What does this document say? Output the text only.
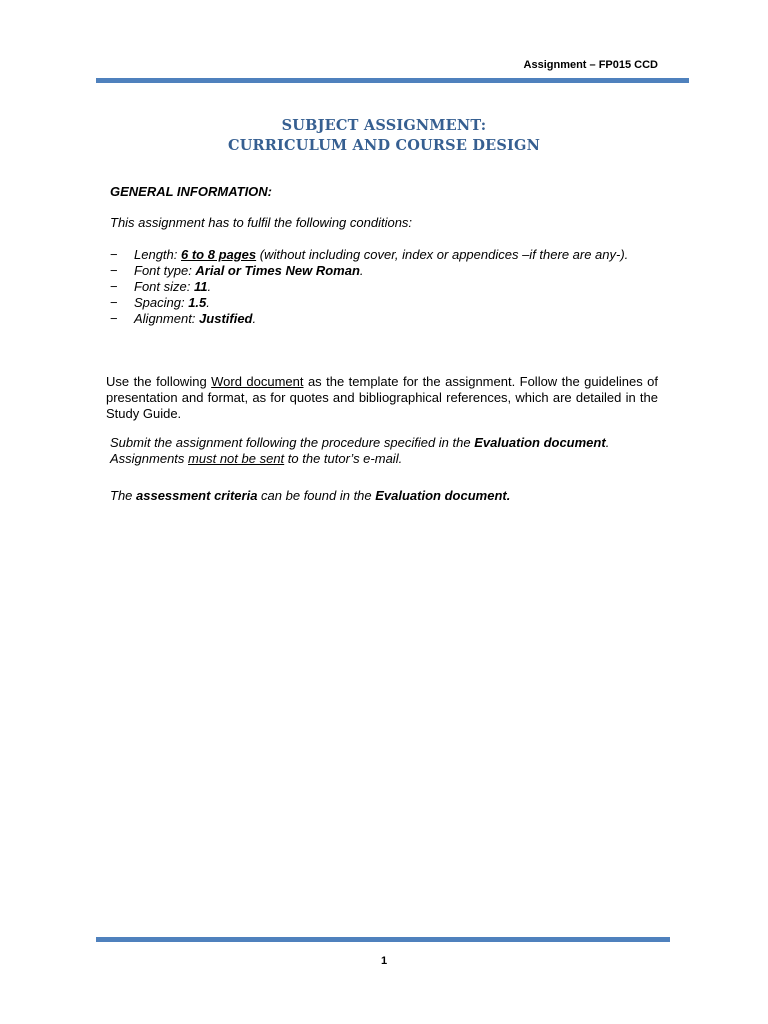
Assignment – FP015 CCD
SUBJECT ASSIGNMENT:
CURRICULUM AND COURSE DESIGN
GENERAL INFORMATION:
This assignment has to fulfil the following conditions:
− Length: 6 to 8 pages (without including cover, index or appendices –if there are any-).
− Font type: Arial or Times New Roman.
− Font size: 11.
− Spacing: 1.5.
− Alignment: Justified.
Use the following Word document as the template for the assignment. Follow the guidelines of presentation and format, as for quotes and bibliographical references, which are detailed in the Study Guide.
Submit the assignment following the procedure specified in the Evaluation document.
Assignments must not be sent to the tutor’s e-mail.
The assessment criteria can be found in the Evaluation document.
1
